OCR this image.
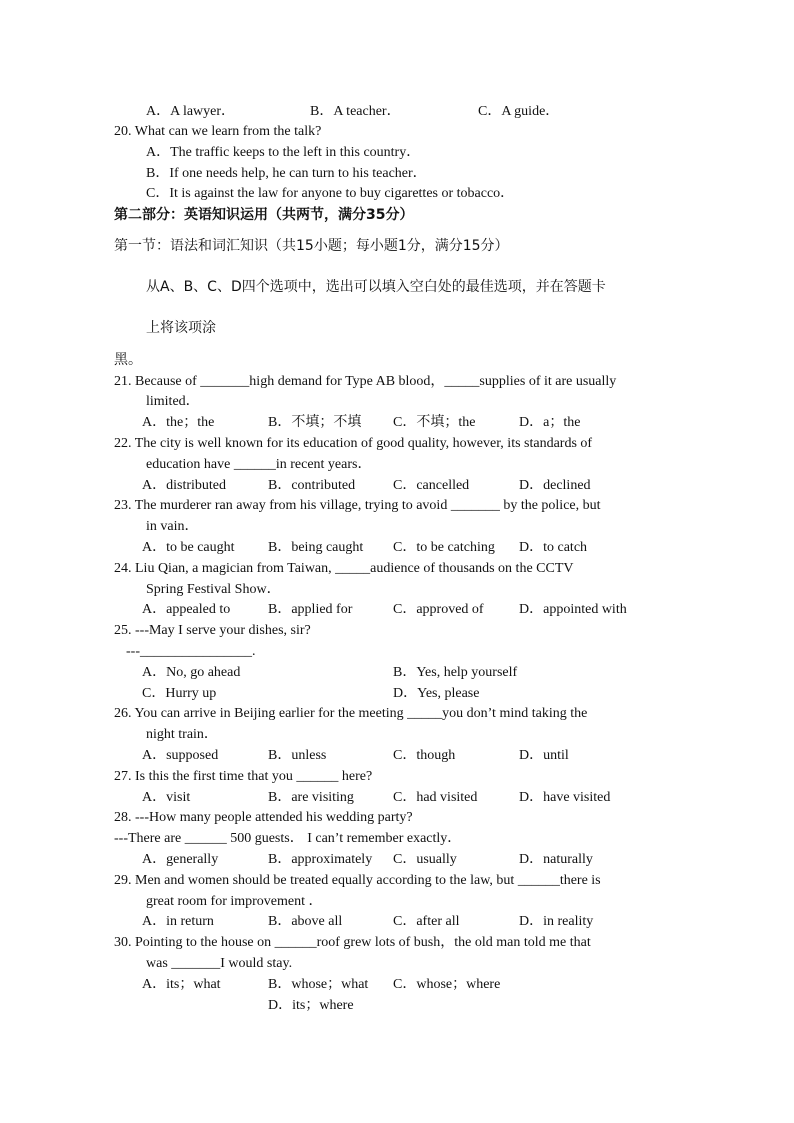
A．A lawyer．	B．A teacher．	C．A guide．
20. What can we learn from the talk?
A．The traffic keeps to the left in this country．
B．If one needs help, he can turn to his teacher．
C．It is against the law for anyone to buy cigarettes or tobacco．
第二部分：英语知识运用（共两节，满分35分）
第一节：语法和词汇知识（共15小题；每小题1分，满分15分）
从A、B、C、D四个选项中，选出可以填入空白处的最佳选项，并在答题卡
上将该项涂
黑。
21. Because of _______high demand for Type AB blood，_____supplies of it are usually
limited．
A．the；the	B．不填；不填 C．不填；the	D．a；the
22. The city is well known for its education of good quality, however, its standards of
education have ______in recent years．
A．distributed	B．contributed	C．cancelled	D．declined
23. The murderer ran away from his village, trying to avoid _______ by the police, but
in vain．
A．to be caught B．being caught C．to be catching D．to catch
24. Liu Qian, a magician from Taiwan, _____audience of thousands on the CCTV
Spring Festival Show．
A．appealed to	B．applied for	C．approved of	D．appointed with
25. ---May I serve your dishes, sir?
---________________.
A．No, go ahead	B．Yes, help yourself
C．Hurry up	D．Yes, please
26. You can arrive in Beijing earlier for the meeting _____you don’t mind taking the
night train．
A．supposed	B．unless	C．though	D．until
27. Is this the first time that you ______ here?
A．visit	B．are visiting	C．had visited	D．have visited
28. ---How many people attended his wedding party?
---There are ______ 500 guests． I can’t remember exactly．
A．generally	B．approximately C．usually	D．naturally
29. Men and women should be treated equally according to the law, but ______there is
great room for improvement ．
A．in return	B．above all	C．after all	D．in reality
30. Pointing to the house on ______roof grew lots of bush，the old man told me that
was _______I would stay.
A．its；what	B．whose；what C．whose；where
D．its；where
